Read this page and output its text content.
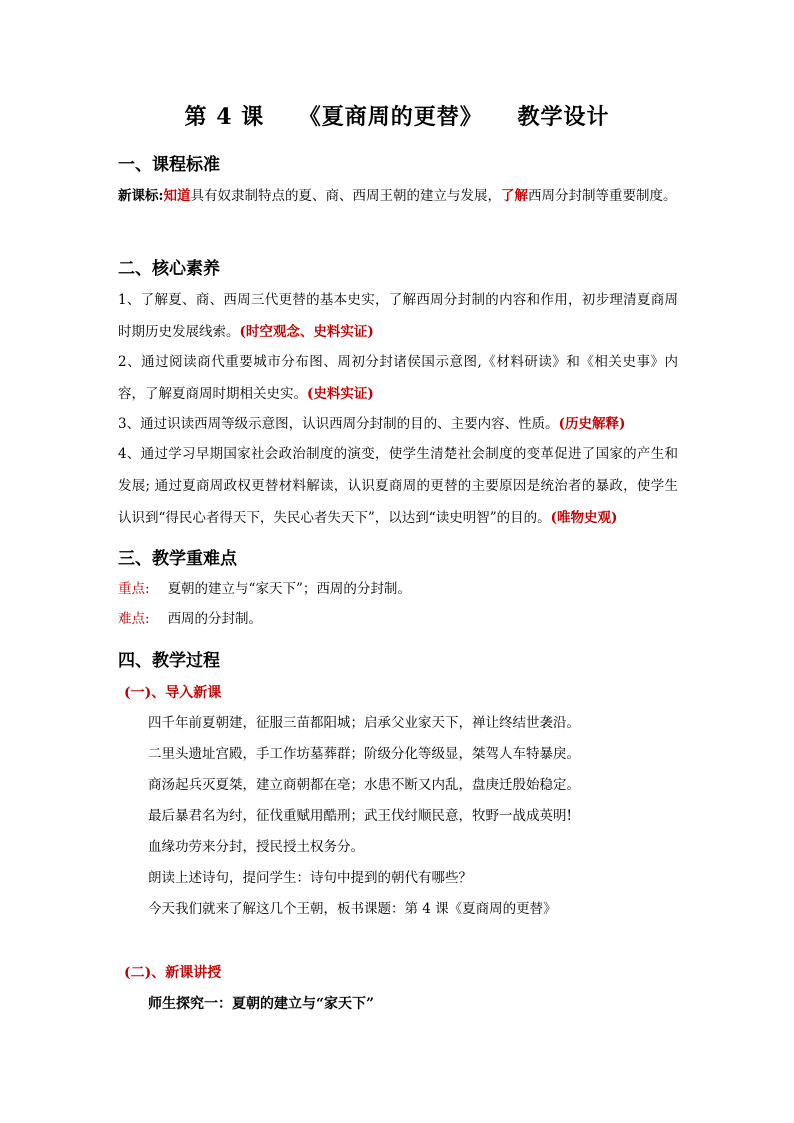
第 4 课    《夏商周的更替》    教学设计
一、课程标准
新课标:知道具有奴隶制特点的夏、商、西周王朝的建立与发展，了解西周分封制等重要制度。
二、核心素养
1、了解夏、商、西周三代更替的基本史实，了解西周分封制的内容和作用，初步理清夏商周时期历史发展线索。(时空观念、史料实证)
2、通过阅读商代重要城市分布图、周初分封诸侯国示意图,《材料研读》和《相关史事》内容，了解夏商周时期相关史实。(史料实证)
3、通过识读西周等级示意图，认识西周分封制的目的、主要内容、性质。(历史解释)
4、通过学习早期国家社会政治制度的演变，使学生清楚社会制度的变革促进了国家的产生和发展; 通过夏商周政权更替材料解读，认识夏商周的更替的主要原因是统治者的暴政，使学生认识到“得民心者得天下，失民心者失天下”，以达到“读史明智”的目的。(唯物史观)
三、教学重难点
重点: 夏朝的建立与“家天下”；西周的分封制。
难点: 西周的分封制。
四、教学过程
(一)、导入新课
四千年前夏朝建，征服三苗都阳城；启承父业家天下，禅让终结世袭沿。
二里头遗址宫殿，手工作坊墓葬群；阶级分化等级显，桀驾人车特暴戾。
商汤起兵灭夏桀，建立商朝都在亳；水患不断又内乱，盘庚迁殷始稳定。
最后暴君名为纣，征伐重赋用酷刑；武王伐纣顺民意，牧野一战成英明!
血缘功劳来分封，授民授土权务分。
朗读上述诗句，提问学生：诗句中提到的朝代有哪些？
今天我们就来了解这几个王朝，板书课题：第 4 课《夏商周的更替》
(二)、新课讲授
师生探究一：夏朝的建立与“家天下”
